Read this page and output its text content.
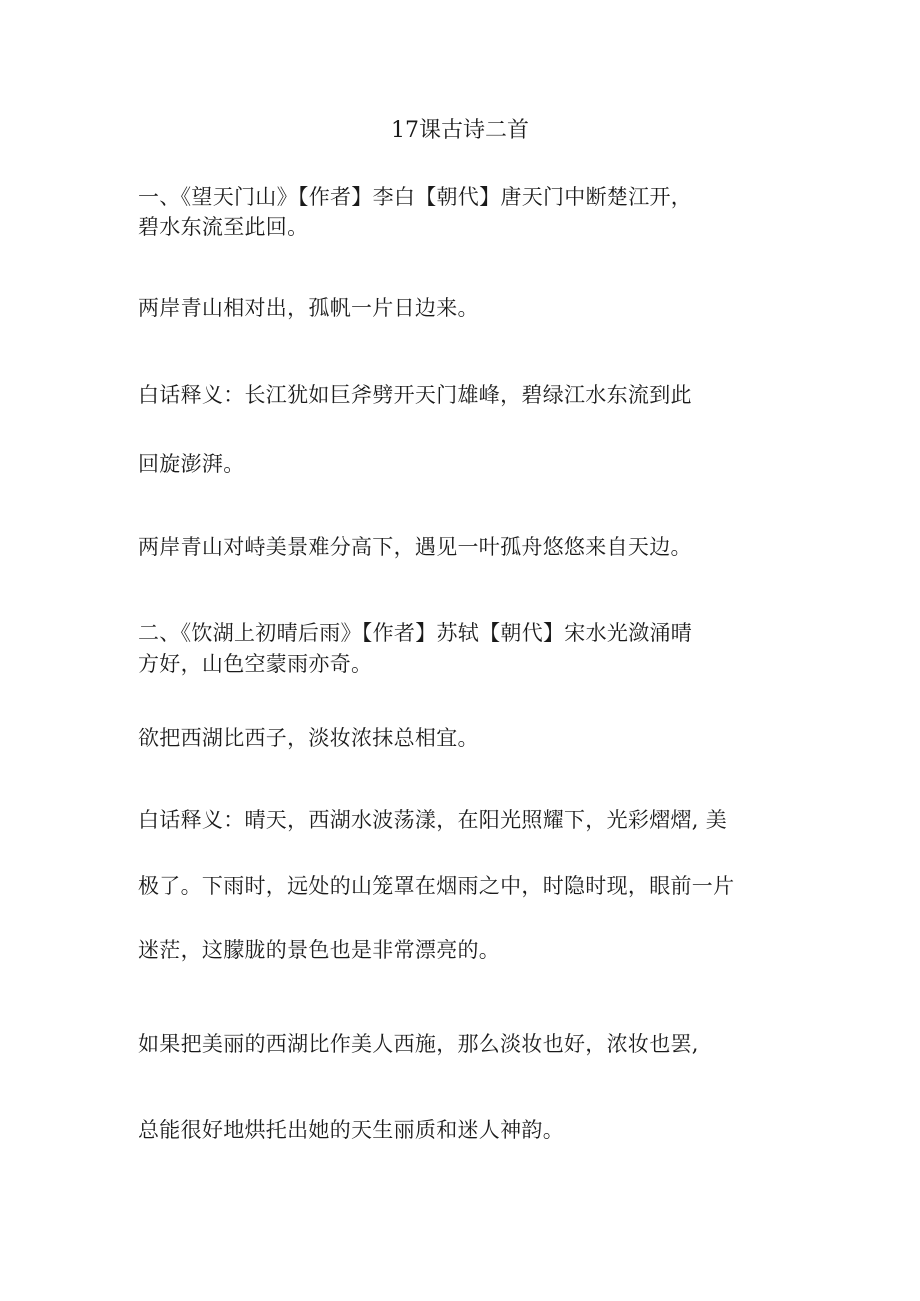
17课古诗二首
一、《望天门山》【作者】李白【朝代】唐天门中断楚江开，
碧水东流至此回。
两岸青山相对出，孤帆一片日边来。
白话释义：长江犹如巨斧劈开天门雄峰，碧绿江水东流到此
回旋澎湃。
两岸青山对峙美景难分高下，遇见一叶孤舟悠悠来自天边。
二、《饮湖上初晴后雨》【作者】苏轼【朝代】宋水光潋涌晴
方好，山色空蒙雨亦奇。
欲把西湖比西子，淡妆浓抹总相宜。
白话释义：晴天，西湖水波荡漾，在阳光照耀下，光彩熠熠, 美
极了。下雨时，远处的山笼罩在烟雨之中，时隐时现，眼前一片
迷茫，这朦胧的景色也是非常漂亮的。
如果把美丽的西湖比作美人西施，那么淡妆也好，浓妆也罢,
总能很好地烘托出她的天生丽质和迷人神韵。
